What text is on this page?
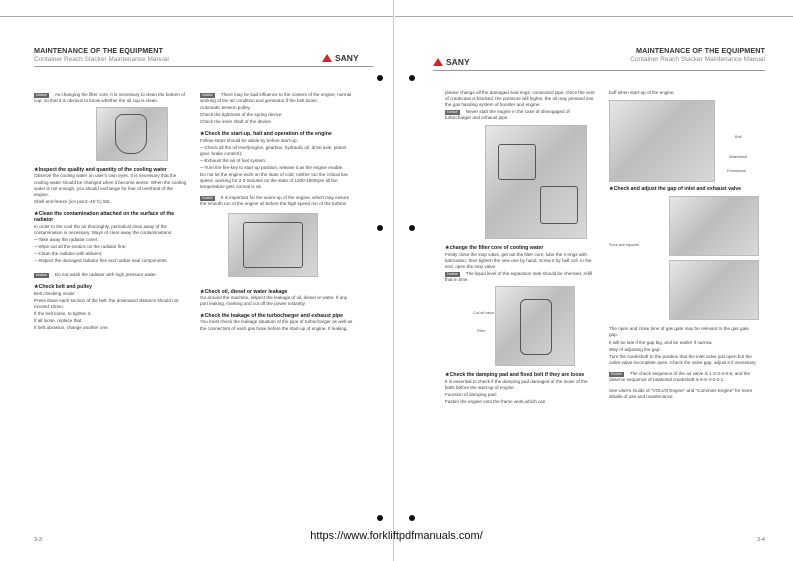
MAINTENANCE OF THE EQUIPMENT
Container Reach Stacker Maintenance Manual	SANY

Notice As changing the filter core, it is necessary to clean the bottom of cup, so that it is obvious to know whether the oil cup is clean.

★Inspect the quality and quantity of the cooling water

Observe the cooling water on user's own eyes. It is necessary that the cooling water should be changed when it become worse. When the cooling water is not enough, you should exchange for fear of overheat of the engine.

Shell anti-freeze (ice point:-45°C) 50L.

★Clean the contamination attached on the surface of the radiator

In order to the cool the air thoroughly, periodical clear away of the contamination is necessary. Ways of clear away the contaminations:

—Take away the radiator cover;

—Wipe out all the exotics on the radiator fine;

—Clean the radiator with abluent;

—Inspect the damaged radiator fine and rubber seal components.

Notice Do not wash the radiator with high pressure water.

★Check belt and pulley

Belt checking mode:

Press down each section of the belt, the downward distance should not exceed 10mm.

If the belt loose, to tighten it.

If all loose, replace that.

If belt abrasion, change another one.

Notice There may be bad influence to the content of the engine, normal working of the air condition and generator if the belt loose.

Automatic tension pulley.

Check the tightness of the spring device.

Check the inner shaft of the device.

★Check the start-up, halt and operation of the engine

Follow steps should be abide by before start-up:

—Check all the oil level(engine, gearbox, hydraulic oil, drive axle, planet gear, brake content);

—Exhaust the air of fuel system;

—Turn the fire-key to start-up position, release it as the engine enable.

Do not let the engine work on the state of cold; neither too the critical low speed, working for 2-3 minutes on the state of 1200-1500rpm till the temperature gets normal is ok.

Notice It is important for the warm-up of the engine, which may ensure the smooth run of the engine oil before the high speed run of the turbine.

★Check oil, diesel or water leakage

Go around the machine, inspect the leakage of oil, diesel or water. If any part leaking, marking and cut off the power instantly.

★Check the leakage of the turbocharger and exhaust pipe

You must check the leakage situation of the pipe of turbocharger as well as the connectors of each gas hose before the start-up of engine. If leaking,

3-3
SANY
MAINTENANCE OF THE EQUIPMENT
Container Reach Stacker Maintenance Manual

please change all the damaged seal rings, connected pipe. Once the vent of crankcase is blocked, the pressure will higher, the oil may pressed into the gas handing system of booster and engine.

Notice Never start the engine in the case of disengaged of turbocharger and exhaust pipe.

★change the filter core of cooling water

Firstly close the stop valve, get out the filter core, lube the o-rings with lubrication, then tighten the new one by hand, screw it by half coil. In the end, open the stop valve.

Notice The liquid level of the expansion tank should be checked, refill that in time.

Cut-off valve
Filter
★Check the damping pad and fixed bolt if they are loose

It is essential to check if the damping pad damaged or the loose of the bolts before the start-up of engine.

Function of damping pad:

Fasten the engine onto the frame work,which can

buff when start-up of the engine.

Bolt
Washband
Framework
★Check and adjust the gap of inlet and exhaust valve
Rock arm tappets

The open and close time of gas gate may be relevant to the gas gate gap.

It will be late if the gap big, and be earlier if narrow.

Way of adjusting the gap:

Turn the crankshaft to the position that the inlet valve just open but the outlet valve incomplete open. Check the valve gap, adjust it if necessary.

Notice The check sequence of the air valve is 1-2-3-4-5-6, and the observe sequence of rotational crankshaft is 6-5-4-3-2-1.

See User's Guids of "VOLVO Engine" and "Cummins Engine" for more details of use and maintenance.

3-4
https://www.forkliftpdfmanuals.com/
